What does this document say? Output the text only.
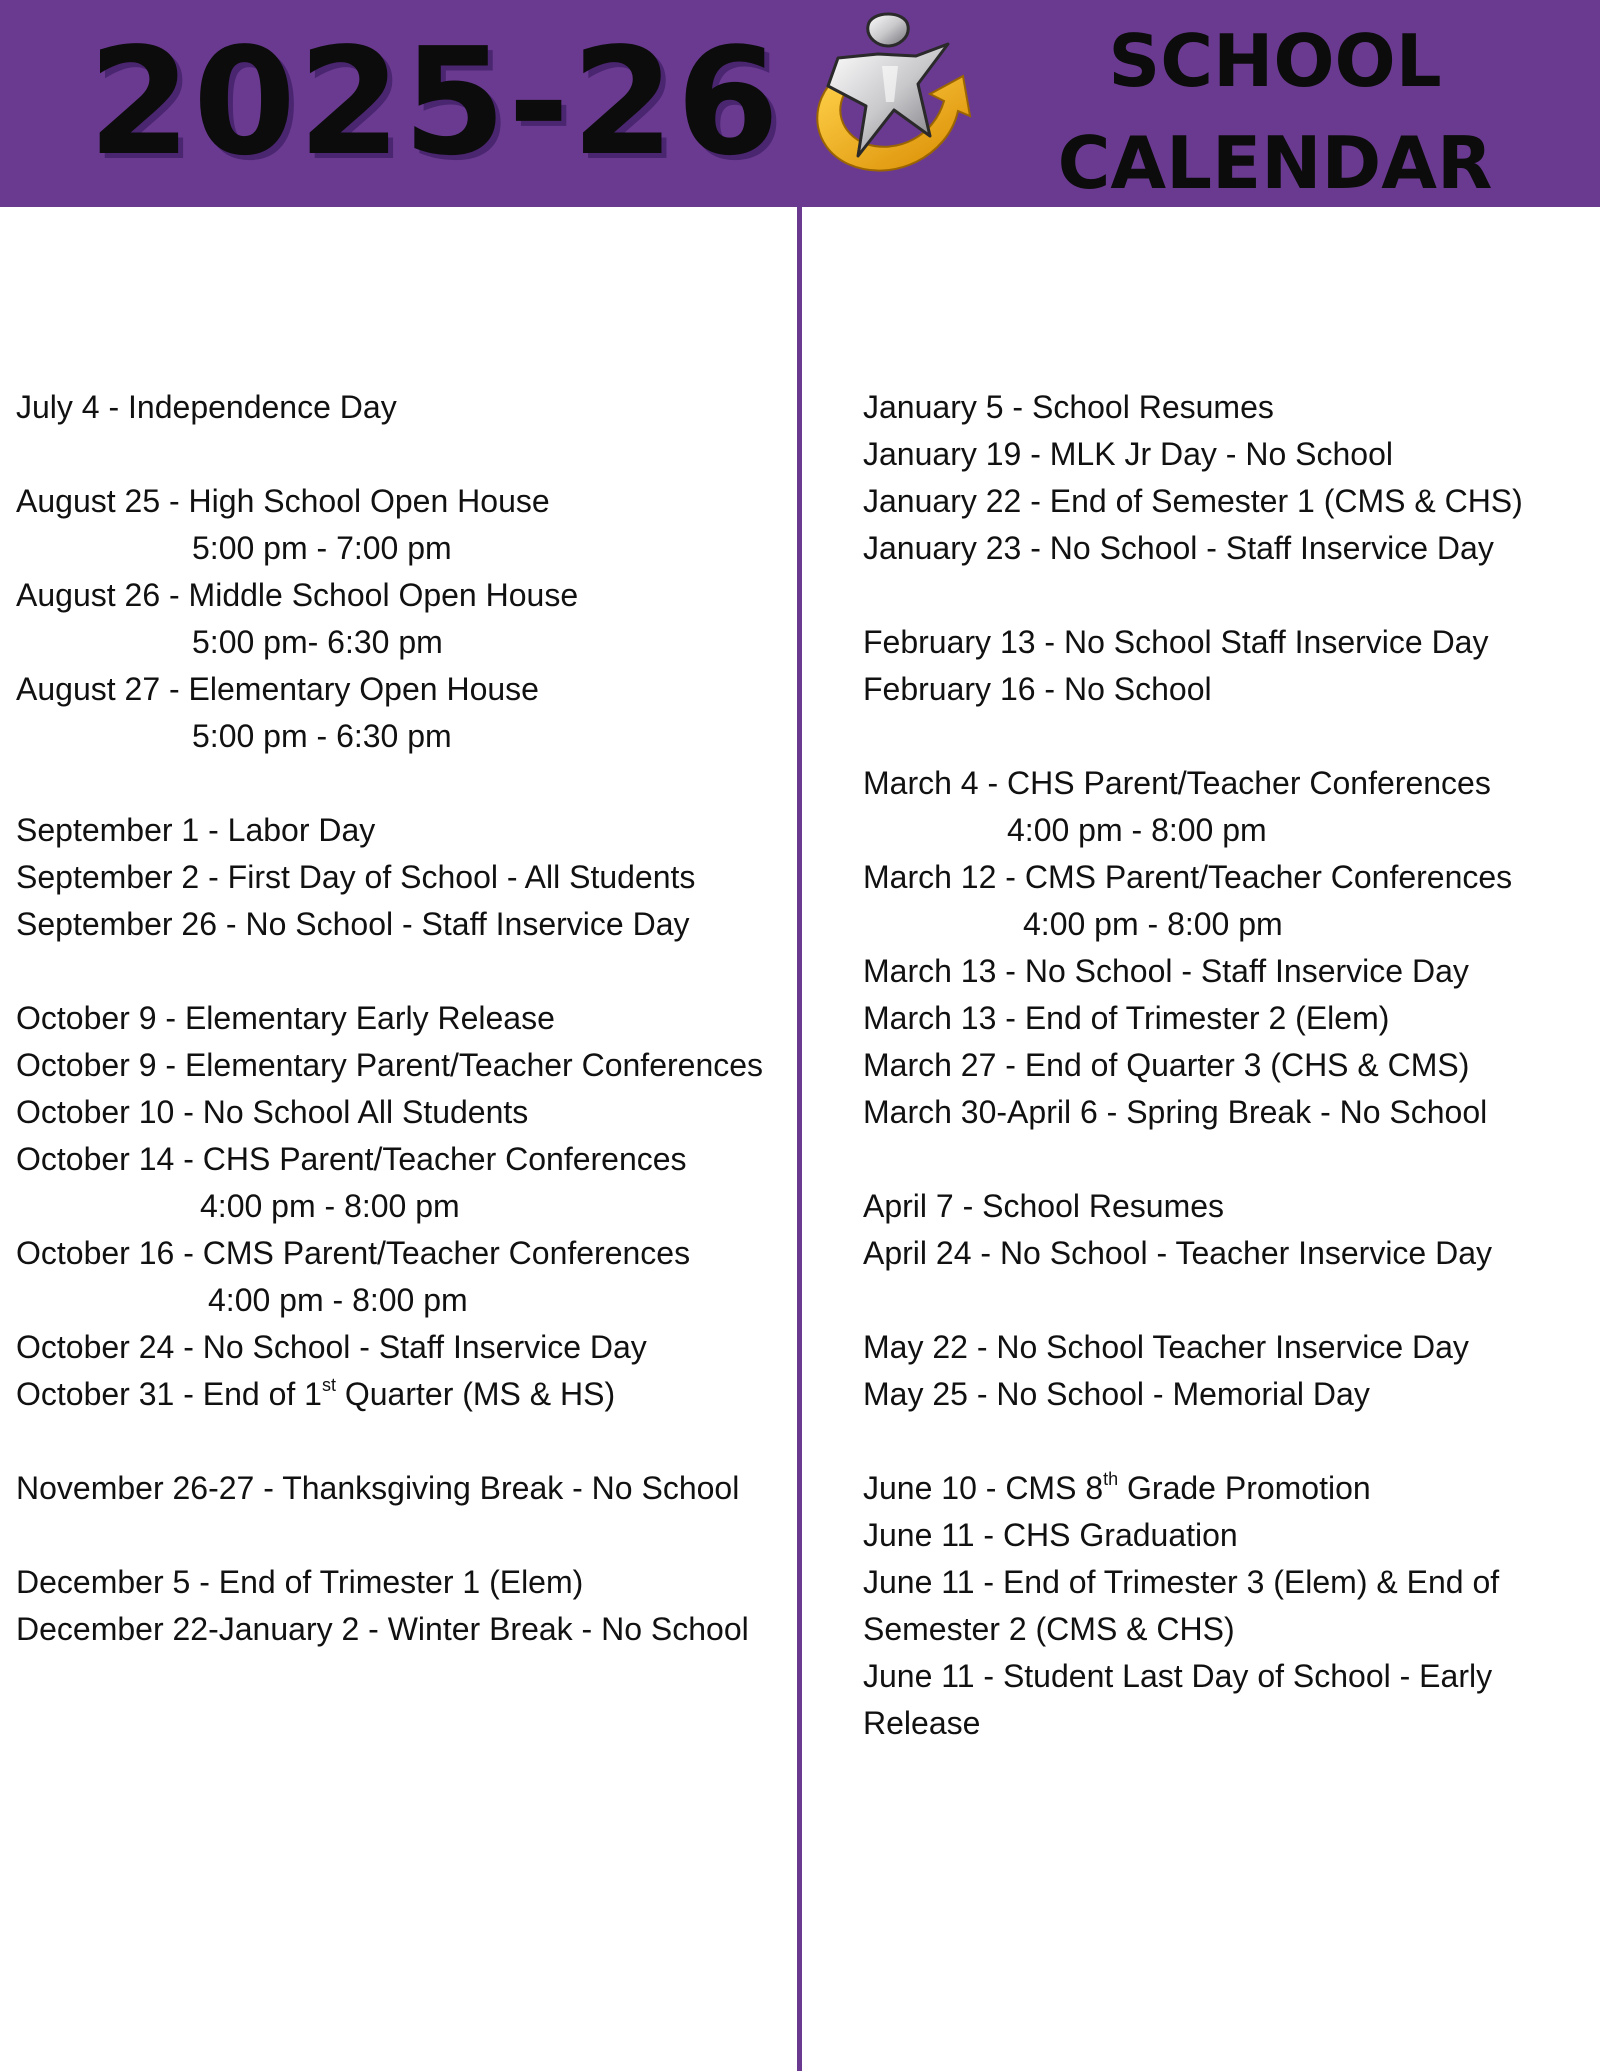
2025-26	SCHOOL
CALENDAR
July 4 - Independence Day
August 25 - High School Open House
5:00 pm - 7:00 pm
August 26 - Middle School Open House
5:00 pm- 6:30 pm
August 27 - Elementary Open House
5:00 pm - 6:30 pm
September 1 - Labor Day
September 2 - First Day of School - All Students
September 26 - No School - Staff Inservice Day
October 9 - Elementary Early Release
October 9 - Elementary Parent/Teacher Conferences
October 10 - No School All Students
October 14 - CHS Parent/Teacher Conferences
4:00 pm - 8:00 pm
October 16 - CMS Parent/Teacher Conferences
4:00 pm - 8:00 pm
October 24 - No School - Staff Inservice Day
October 31 - End of 1st Quarter (MS & HS)
November 26-27 - Thanksgiving Break - No School
December 5 - End of Trimester 1 (Elem)
December 22-January 2 - Winter Break - No School
January 5 - School Resumes
January 19 - MLK Jr Day - No School
January 22 - End of Semester 1 (CMS & CHS)
January 23 - No School - Staff Inservice Day
February 13 - No School Staff Inservice Day
February 16 - No School
March 4 - CHS Parent/Teacher Conferences
4:00 pm - 8:00 pm
March 12 - CMS Parent/Teacher Conferences
4:00 pm - 8:00 pm
March 13 - No School - Staff Inservice Day
March 13 - End of Trimester 2 (Elem)
March 27 - End of Quarter 3 (CHS & CMS)
March 30-April 6 - Spring Break - No School
April 7 - School Resumes
April 24 - No School - Teacher Inservice Day
May 22 - No School Teacher Inservice Day
May 25 - No School - Memorial Day
June 10 - CMS 8th Grade Promotion
June 11 - CHS Graduation
June 11 - End of Trimester 3 (Elem) & End of Semester 2 (CMS & CHS)
June 11 - Student Last Day of School - Early Release
